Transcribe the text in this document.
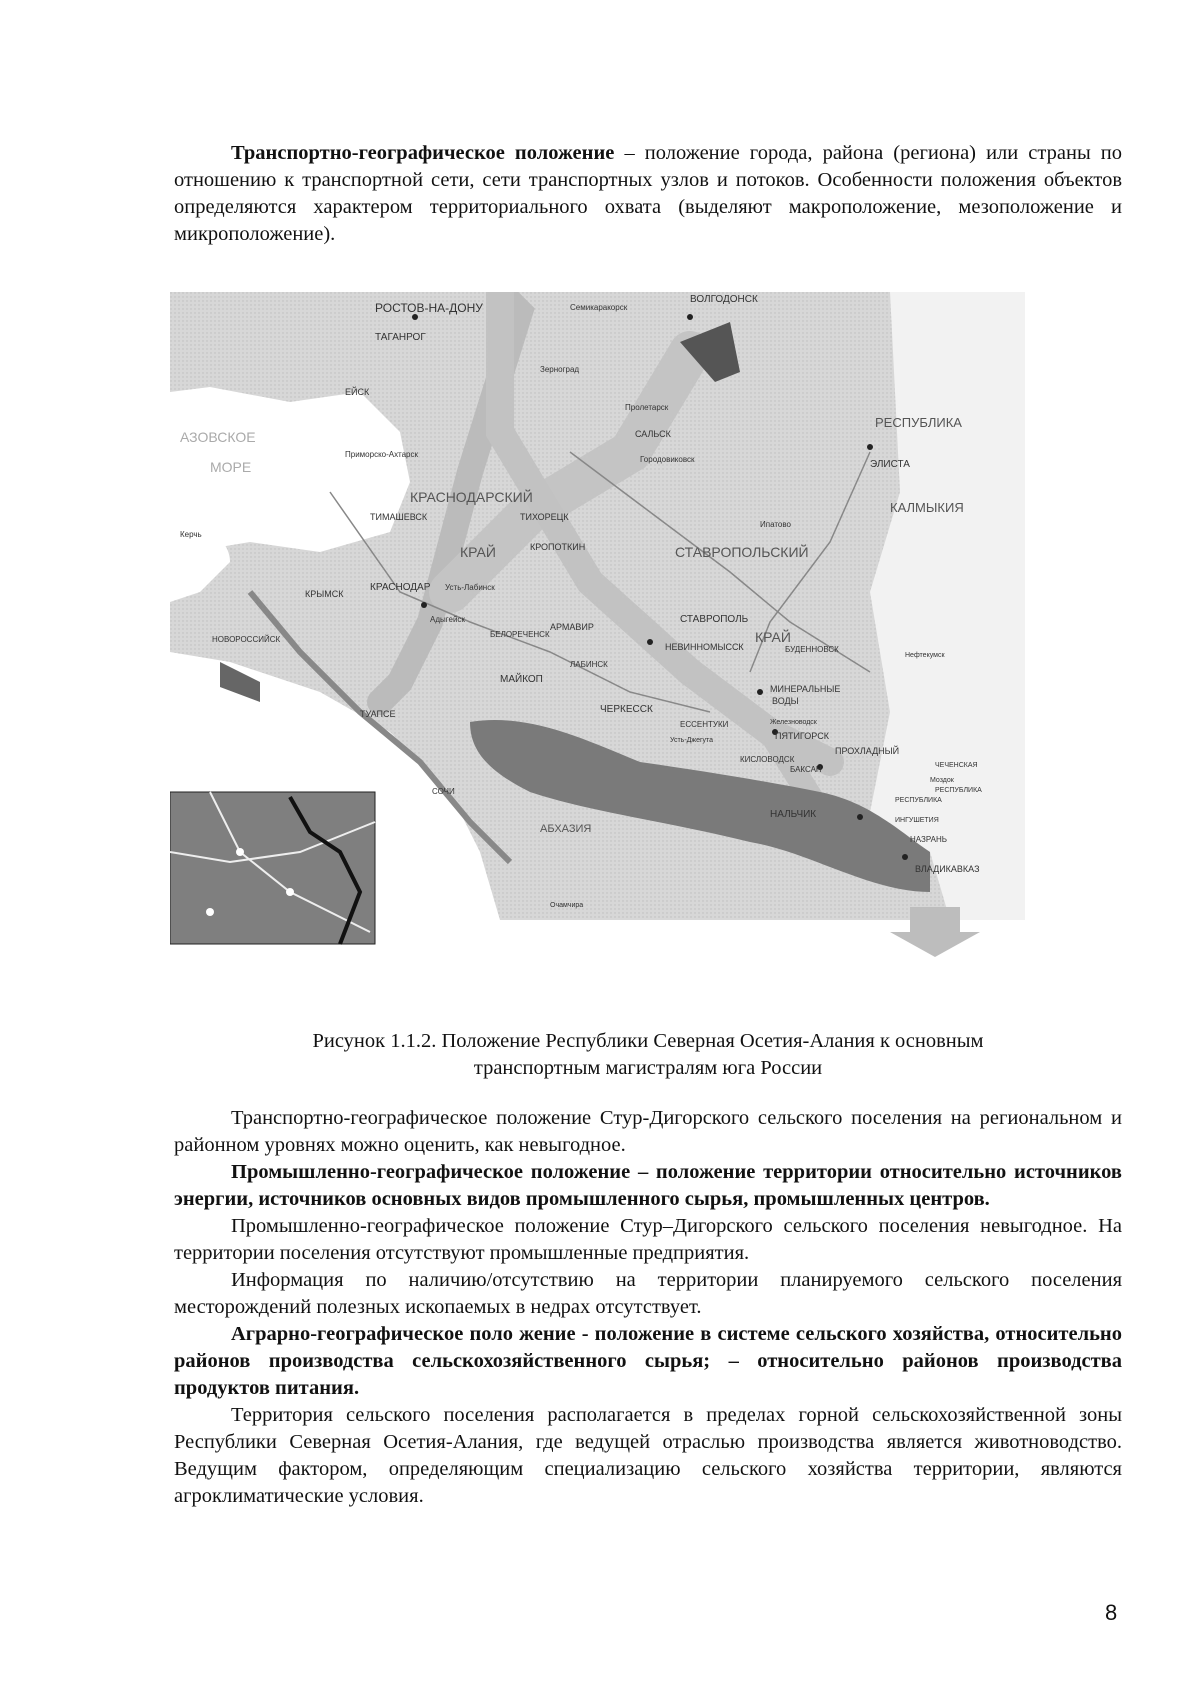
Транспортно-географическое положение – положение города, района (региона) или страны по отношению к транспортной сети, сети транспортных узлов и потоков. Особенности положения объектов определяются характером территориального охвата (выделяют макроположение, мезоположение и микроположение).

РОСТОВ-НА-ДОНУ
ТАГАНРОГ
Семикаракорск
ВОЛГОДОНСК
Зерноград
Пролетарск
САЛЬСК
Городовиковск
ЕЙСК
Приморско-Ахтарск
РЕСПУБЛИКА
ЭЛИСТА
КАЛМЫКИЯ
КРАСНОДАРСКИЙ
КРАЙ
ТИМАШЕВСК	ТИХОРЕЦК
КРОПОТКИН
Керчь
Ипатово
СТАВРОПОЛЬСКИЙ
КРЫМСК
КРАСНОДАР Усть-Лабинск
Адыгейск
АРМАВИР
СТАВРОПОЛЬ
НОВОРОССИЙСК
БЕЛОРЕЧЕНСК
НЕВИННОМЫССК
КРАЙ
БУДЕННОВСК
Нефтекумск
ЛАБИНСК
МАЙКОП
МИНЕРАЛЬНЫЕ
ВОДЫ
ТУАПСЕ	ЧЕРКЕССК
ЕССЕНТУКИ	Железноводск
ПЯТИГОРСК
Усть-Джегута
КИСЛОВОДСК
ПРОХЛАДНЫЙ
ЧЕЧЕНСКАЯ
РЕСПУБЛИКА
Моздок
БАКСАН
РЕСПУБЛИКА
СОЧИ
АБХАЗИЯ
НАЛЬЧИК
ИНГУШЕТИЯ
НАЗРАНЬ
ВЛАДИКАВКАЗ
Очамчира
АЗОВСКОЕ
МОРЕ
Рисунок 1.1.2. Положение Республики Северная Осетия-Алания к основным
транспортным магистралям юга России

Транспортно-географическое положение Стур-Дигорского сельского поселения на региональном и районном уровнях можно оценить, как невыгодное.

Промышленно-географическое положение – положение территории относительно источников энергии, источников основных видов промышленного сырья, промышленных центров.

Промышленно-географическое положение Стур–Дигорского сельского поселения невыгодное. На территории поселения отсутствуют промышленные предприятия.

Информация по наличию/отсутствию на территории планируемого сельского поселения месторождений полезных ископаемых в недрах отсутствует.

Аграрно-географическое поло жение - положение в системе сельского хозяйства, относительно районов производства сельскохозяйственного сырья; – относительно районов производства продуктов питания.

Территория сельского поселения располагается в пределах горной сельскохозяйственной зоны Республики Северная Осетия-Алания, где ведущей отраслью производства является животноводство. Ведущим фактором, определяющим специализацию сельского хозяйства территории, являются агроклиматические условия.

8
